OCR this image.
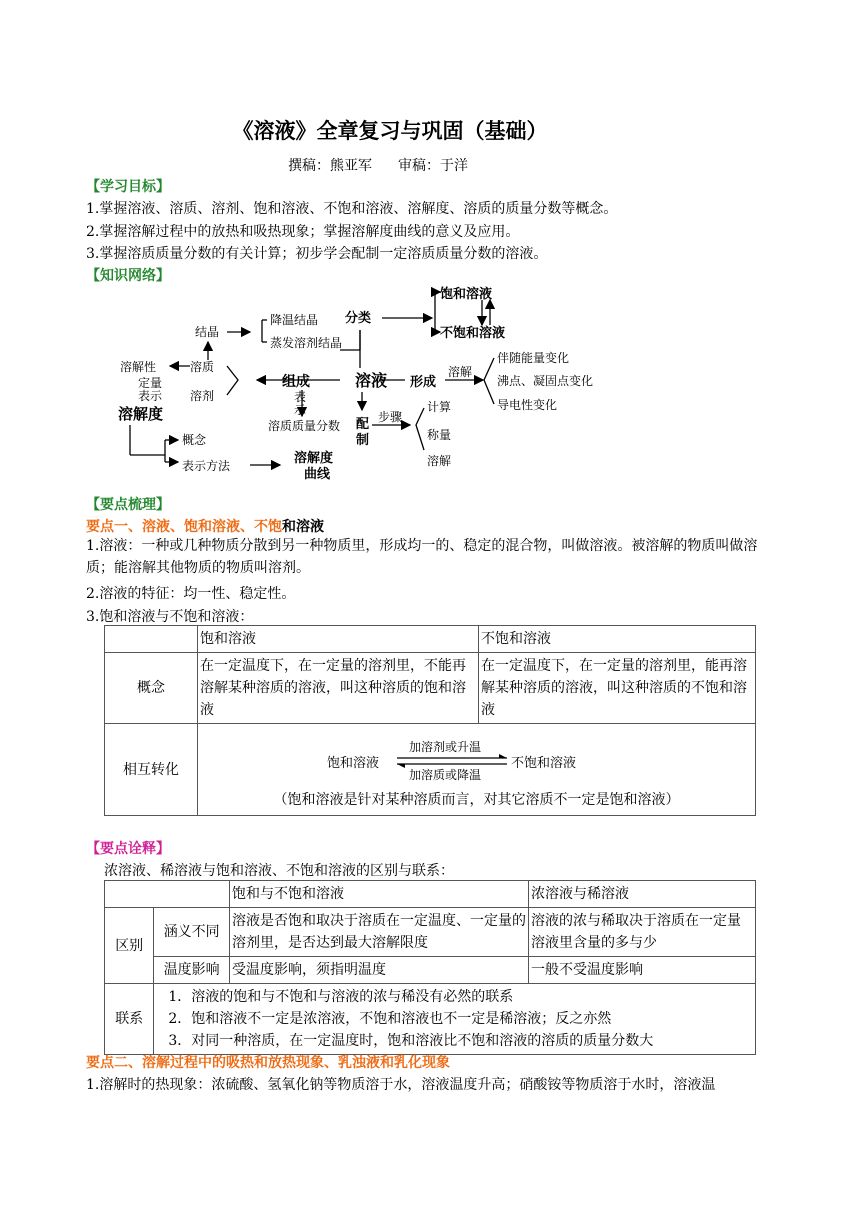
《溶液》全章复习与巩固（基础）
撰稿：熊亚军 审稿：于洋
【学习目标】
1.掌握溶液、溶质、溶剂、饱和溶液、不饱和溶液、溶解度、溶质的质量分数等概念。
2.掌握溶解过程中的放热和吸热现象；掌握溶解度曲线的意义及应用。
3.掌握溶质质量分数的有关计算；初步学会配制一定溶质质量分数的溶液。
【知识网络】
溶液
分类
饱和溶液
不饱和溶液
结晶
降温结晶
蒸发溶剂结晶
组成
溶质
溶剂
溶解性
定量
表示
溶解度
概念
表示方法	溶解度
曲线
表
示
溶质质量分数 配
制
步骤
计算
称量
溶解
形成
溶解
伴随能量变化
沸点、凝固点变化
导电性变化
【要点梳理】
要点一、溶液、饱和溶液、不饱和溶液
1.溶液：一种或几种物质分散到另一种物质里，形成均一的、稳定的混合物，叫做溶液。被溶解的物质叫做溶质；能溶解其他物质的物质叫溶剂。
2.溶液的特征：均一性、稳定性。
3.饱和溶液与不饱和溶液：
	饱和溶液	不饱和溶液
概念	在一定温度下，在一定量的溶剂里，不能再溶解某种溶质的溶液，叫这种溶质的饱和溶液	在一定温度下，在一定量的溶剂里，能再溶解某种溶质的溶液，叫这种溶质的不饱和溶液
相互转化	饱和溶液
加溶剂或升温
加溶质或降温
不饱和溶液
（饱和溶液是针对某种溶质而言，对其它溶质不一定是饱和溶液）	
【要点诠释】
浓溶液、稀溶液与饱和溶液、不饱和溶液的区别与联系：
		饱和与不饱和溶液	浓溶液与稀溶液
区别	涵义不同	溶液是否饱和取决于溶质在一定温度、一定量的溶剂里，是否达到最大溶解限度	溶液的浓与稀取决于溶质在一定量溶液里含量的多与少
	温度影响	受温度影响，须指明温度	一般不受温度影响
联系	1．溶液的饱和与不饱和与溶液的浓与稀没有必然的联系
2．饱和溶液不一定是浓溶液，不饱和溶液也不一定是稀溶液；反之亦然
3．对同一种溶质，在一定温度时，饱和溶液比不饱和溶液的溶质的质量分数大		
要点二、溶解过程中的吸热和放热现象、乳浊液和乳化现象
1.溶解时的热现象：浓硫酸、氢氧化钠等物质溶于水，溶液温度升高；硝酸铵等物质溶于水时，溶液温
